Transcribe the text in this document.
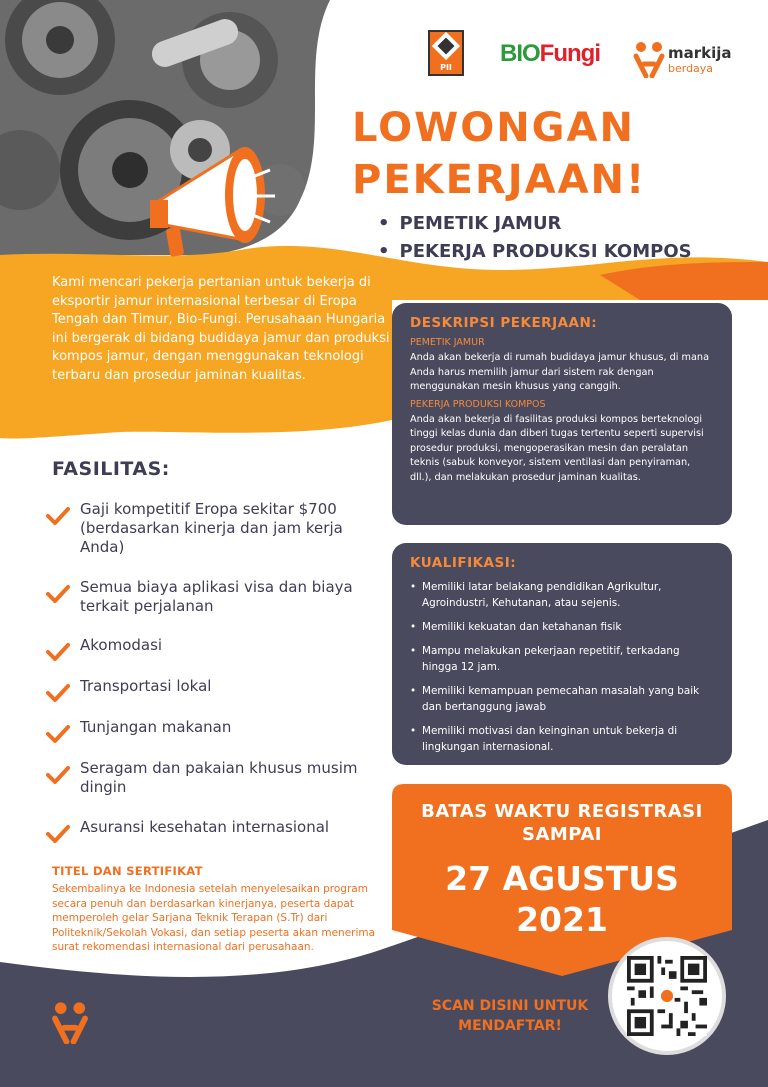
PII
BIOFungi	markija
berdaya
LOWONGAN
PEKERJAAN!
• PEMETIK JAMUR
• PEKERJA PRODUKSI KOMPOS
Kami mencari pekerja pertanian untuk bekerja di eksportir jamur internasional terbesar di Eropa Tengah dan Timur, Bio-Fungi. Perusahaan Hungaria ini bergerak di bidang budidaya jamur dan produksi kompos jamur, dengan menggunakan teknologi terbaru dan prosedur jaminan kualitas.
DESKRIPSI PEKERJAAN:
PEMETIK JAMUR

Anda akan bekerja di rumah budidaya jamur khusus, di mana Anda harus memilih jamur dari sistem rak dengan menggunakan mesin khusus yang canggih.

PEKERJA PRODUKSI KOMPOS

Anda akan bekerja di fasilitas produksi kompos berteknologi tinggi kelas dunia dan diberi tugas tertentu seperti supervisi prosedur produksi, mengoperasikan mesin dan peralatan teknis (sabuk konveyor, sistem ventilasi dan penyiraman, dll.), dan melakukan prosedur jaminan kualitas.

KUALIFIKASI:
• Memiliki latar belakang pendidikan Agrikultur, Agroindustri, Kehutanan, atau sejenis.
• Memiliki kekuatan dan ketahanan fisik
• Mampu melakukan pekerjaan repetitif, terkadang hingga 12 jam.
• Memiliki kemampuan pemecahan masalah yang baik dan bertanggung jawab
• Memiliki motivasi dan keinginan untuk bekerja di lingkungan internasional.
FASILITAS:
Gaji kompetitif Eropa sekitar $700 (berdasarkan kinerja dan jam kerja Anda)
Semua biaya aplikasi visa dan biaya terkait perjalanan
Akomodasi
Transportasi lokal
Tunjangan makanan
Seragam dan pakaian khusus musim dingin
Asuransi kesehatan internasional
TITEL DAN SERTIFIKAT

Sekembalinya ke Indonesia setelah menyelesaikan program secara penuh dan berdasarkan kinerjanya, peserta dapat memperoleh gelar Sarjana Teknik Terapan (S.Tr) dari Politeknik/Sekolah Vokasi, dan setiap peserta akan menerima surat rekomendasi internasional dari perusahaan.

BATAS WAKTU REGISTRASI
SAMPAI
27 AGUSTUS
2021
SCAN DISINI UNTUK
MENDAFTAR!
